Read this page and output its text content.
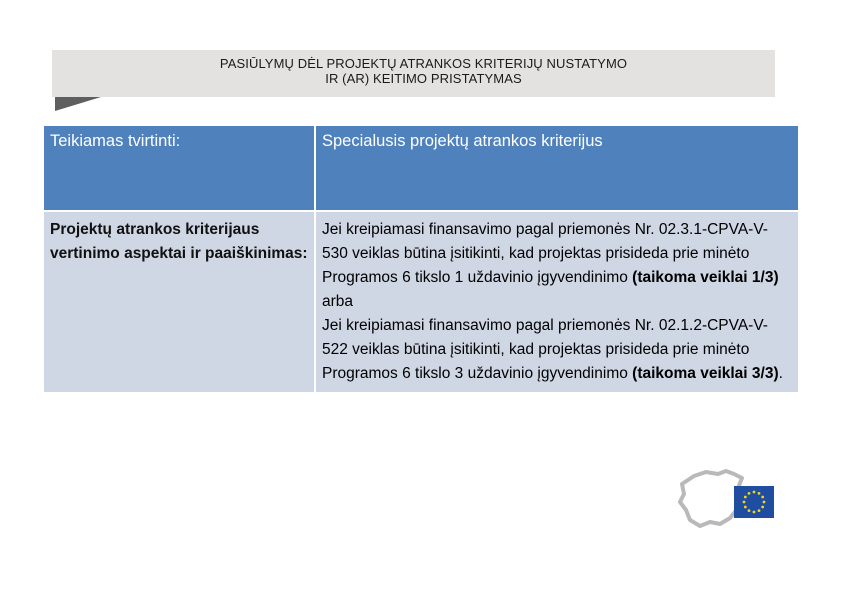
PASIŪLYMŲ DĖL PROJEKTŲ ATRANKOS KRITERIJŲ NUSTATYMO
IR (AR) KEITIMO PRISTATYMAS
Teikiamas tvirtinti:	Specialusis projektų atrankos kriterijus
Projektų atrankos kriterijaus vertinimo aspektai ir paaiškinimas:	Jei kreipiamasi finansavimo pagal priemonės Nr. 02.3.1-CPVA-V-530 veiklas būtina įsitikinti, kad projektas prisideda prie minėto Programos 6 tikslo 1 uždavinio įgyvendinimo (taikoma veiklai 1/3)
arba
Jei kreipiamasi finansavimo pagal priemonės Nr. 02.1.2-CPVA-V-522 veiklas būtina įsitikinti, kad projektas prisideda prie minėto Programos 6 tikslo 3 uždavinio įgyvendinimo (taikoma veiklai 3/3).
